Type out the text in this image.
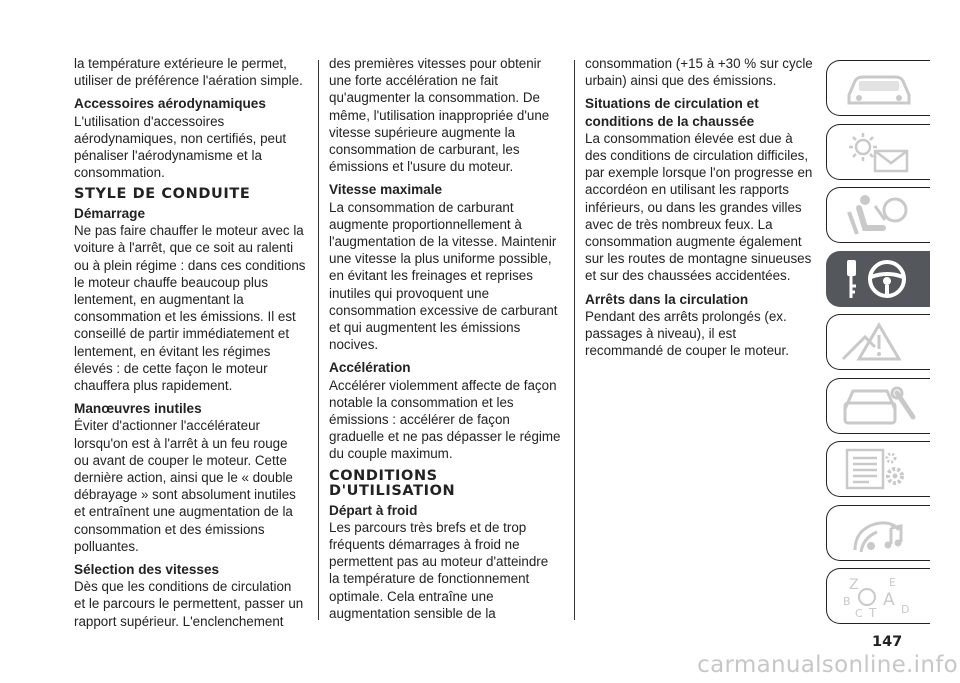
la température extérieure le permet, utiliser de préférence l'aération simple.

Accessoires aérodynamiques

L'utilisation d'accessoires aérodynamiques, non certifiés, peut pénaliser l'aérodynamisme et la consommation.

STYLE DE CONDUITE
Démarrage

Ne pas faire chauffer le moteur avec la voiture à l'arrêt, que ce soit au ralenti ou à plein régime : dans ces conditions le moteur chauffe beaucoup plus lentement, en augmentant la consommation et les émissions. Il est conseillé de partir immédiatement et lentement, en évitant les régimes élevés : de cette façon le moteur chauffera plus rapidement.

Manœuvres inutiles

Éviter d'actionner l'accélérateur lorsqu'on est à l'arrêt à un feu rouge ou avant de couper le moteur. Cette dernière action, ainsi que le « double débrayage » sont absolument inutiles et entraînent une augmentation de la consommation et des émissions polluantes.

Sélection des vitesses

Dès que les conditions de circulation et le parcours le permettent, passer un rapport supérieur. L'enclenchement

des premières vitesses pour obtenir une forte accélération ne fait qu'augmenter la consommation. De même, l'utilisation inappropriée d'une vitesse supérieure augmente la consommation de carburant, les émissions et l'usure du moteur.

Vitesse maximale

La consommation de carburant augmente proportionnellement à l'augmentation de la vitesse. Maintenir une vitesse la plus uniforme possible, en évitant les freinages et reprises inutiles qui provoquent une consommation excessive de carburant et qui augmentent les émissions nocives.

Accélération

Accélérer violemment affecte de façon notable la consommation et les émissions : accélérer de façon graduelle et ne pas dépasser le régime du couple maximum.

CONDITIONS D'UTILISATION
Départ à froid

Les parcours très brefs et de trop fréquents démarrages à froid ne permettent pas au moteur d'atteindre la température de fonctionnement optimale. Cela entraîne une augmentation sensible de la

consommation (+15 à +30 % sur cycle urbain) ainsi que des émissions.

Situations de circulation et conditions de la chaussée

La consommation élevée est due à des conditions de circulation difficiles, par exemple lorsque l'on progresse en accordéon en utilisant les rapports inférieurs, ou dans les grandes villes avec de très nombreux feux. La consommation augmente également sur les routes de montagne sinueuses et sur des chaussées accidentées.

Arrêts dans la circulation

Pendant des arrêts prolongés (ex. passages à niveau), il est recommandé de couper le moteur.

Z	E
B A
C T D
147
carmanualsonline.info
